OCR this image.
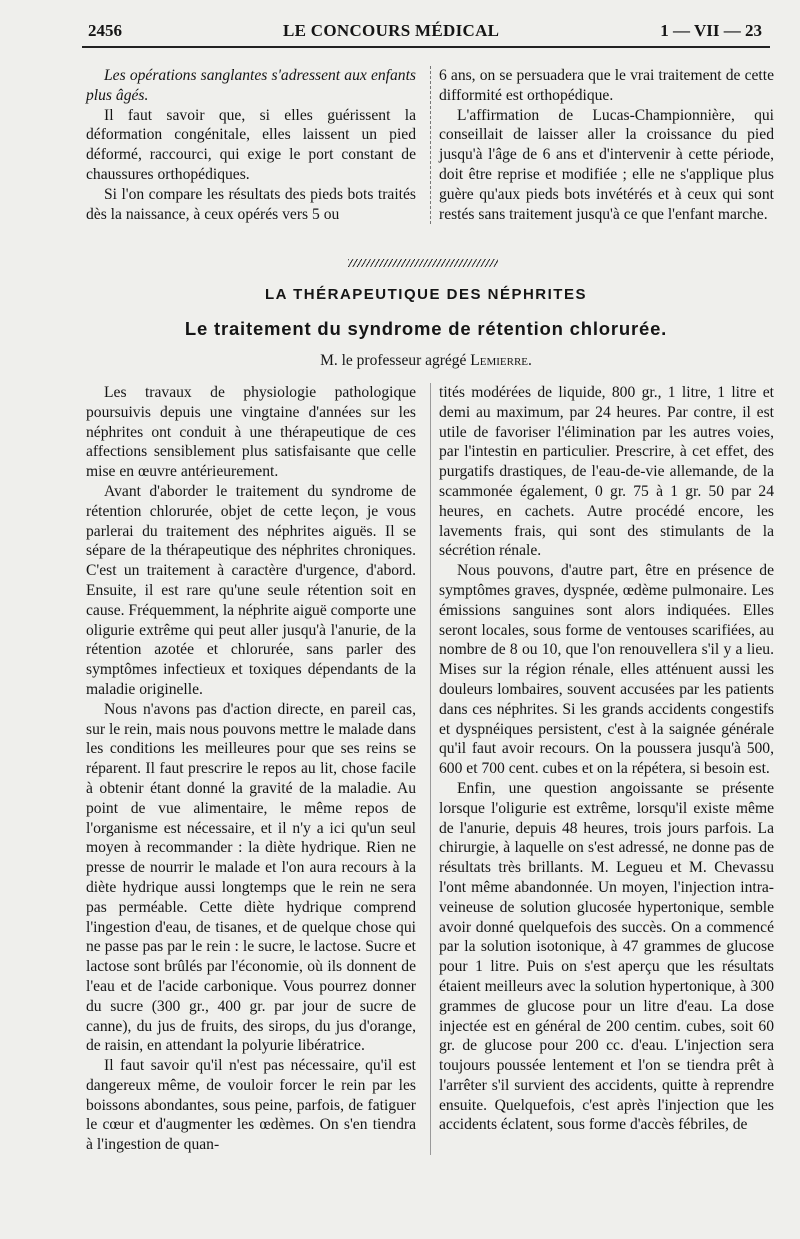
2456	LE CONCOURS MÉDICAL	1 — VII — 23

Les opérations sanglantes s'adressent aux enfants plus âgés.

Il faut savoir que, si elles guérissent la déformation congénitale, elles laissent un pied déformé, raccourci, qui exige le port constant de chaussures orthopédiques.

Si l'on compare les résultats des pieds bots traités dès la naissance, à ceux opérés vers 5 ou

6 ans, on se persuadera que le vrai traitement de cette difformité est orthopédique.

L'affirmation de Lucas-Championnière, qui conseillait de laisser aller la croissance du pied jusqu'à l'âge de 6 ans et d'intervenir à cette période, doit être reprise et modifiée ; elle ne s'applique plus guère qu'aux pieds bots invétérés et à ceux qui sont restés sans traitement jusqu'à ce que l'enfant marche.

LA THÉRAPEUTIQUE DES NÉPHRITES
Le traitement du syndrome de rétention chlorurée.
M. le professeur agrégé Lemierre.

Les travaux de physiologie pathologique poursuivis depuis une vingtaine d'années sur les néphrites ont conduit à une thérapeutique de ces affections sensiblement plus satisfaisante que celle mise en œuvre antérieurement.

Avant d'aborder le traitement du syndrome de rétention chlorurée, objet de cette leçon, je vous parlerai du traitement des néphrites aiguës. Il se sépare de la thérapeutique des néphrites chroniques. C'est un traitement à caractère d'urgence, d'abord. Ensuite, il est rare qu'une seule rétention soit en cause. Fréquemment, la néphrite aiguë comporte une oligurie extrême qui peut aller jusqu'à l'anurie, de la rétention azotée et chlorurée, sans parler des symptômes infectieux et toxiques dépendants de la maladie originelle.

Nous n'avons pas d'action directe, en pareil cas, sur le rein, mais nous pouvons mettre le malade dans les conditions les meilleures pour que ses reins se réparent. Il faut prescrire le repos au lit, chose facile à obtenir étant donné la gravité de la maladie. Au point de vue alimentaire, le même repos de l'organisme est nécessaire, et il n'y a ici qu'un seul moyen à recommander : la diète hydrique. Rien ne presse de nourrir le malade et l'on aura recours à la diète hydrique aussi longtemps que le rein ne sera pas perméable. Cette diète hydrique comprend l'ingestion d'eau, de tisanes, et de quelque chose qui ne passe pas par le rein : le sucre, le lactose. Sucre et lactose sont brûlés par l'économie, où ils donnent de l'eau et de l'acide carbonique. Vous pourrez donner du sucre (300 gr., 400 gr. par jour de sucre de canne), du jus de fruits, des sirops, du jus d'orange, de raisin, en attendant la polyurie libératrice.

Il faut savoir qu'il n'est pas nécessaire, qu'il est dangereux même, de vouloir forcer le rein par les boissons abondantes, sous peine, parfois, de fatiguer le cœur et d'augmenter les œdèmes. On s'en tiendra à l'ingestion de quan-

tités modérées de liquide, 800 gr., 1 litre, 1 litre et demi au maximum, par 24 heures. Par contre, il est utile de favoriser l'élimination par les autres voies, par l'intestin en particulier. Prescrire, à cet effet, des purgatifs drastiques, de l'eau-de-vie allemande, de la scammonée également, 0 gr. 75 à 1 gr. 50 par 24 heures, en cachets. Autre procédé encore, les lavements frais, qui sont des stimulants de la sécrétion rénale.

Nous pouvons, d'autre part, être en présence de symptômes graves, dyspnée, œdème pulmonaire. Les émissions sanguines sont alors indiquées. Elles seront locales, sous forme de ventouses scarifiées, au nombre de 8 ou 10, que l'on renouvellera s'il y a lieu. Mises sur la région rénale, elles atténuent aussi les douleurs lombaires, souvent accusées par les patients dans ces néphrites. Si les grands accidents congestifs et dyspnéiques persistent, c'est à la saignée générale qu'il faut avoir recours. On la poussera jusqu'à 500, 600 et 700 cent. cubes et on la répétera, si besoin est.

Enfin, une question angoissante se présente lorsque l'oligurie est extrême, lorsqu'il existe même de l'anurie, depuis 48 heures, trois jours parfois. La chirurgie, à laquelle on s'est adressé, ne donne pas de résultats très brillants. M. Legueu et M. Chevassu l'ont même abandonnée. Un moyen, l'injection intra-veineuse de solution glucosée hypertonique, semble avoir donné quelquefois des succès. On a commencé par la solution isotonique, à 47 grammes de glucose pour 1 litre. Puis on s'est aperçu que les résultats étaient meilleurs avec la solution hypertonique, à 300 grammes de glucose pour un litre d'eau. La dose injectée est en général de 200 centim. cubes, soit 60 gr. de glucose pour 200 cc. d'eau. L'injection sera toujours poussée lentement et l'on se tiendra prêt à l'arrêter s'il survient des accidents, quitte à reprendre ensuite. Quelquefois, c'est après l'injection que les accidents éclatent, sous forme d'accès fébriles, de
